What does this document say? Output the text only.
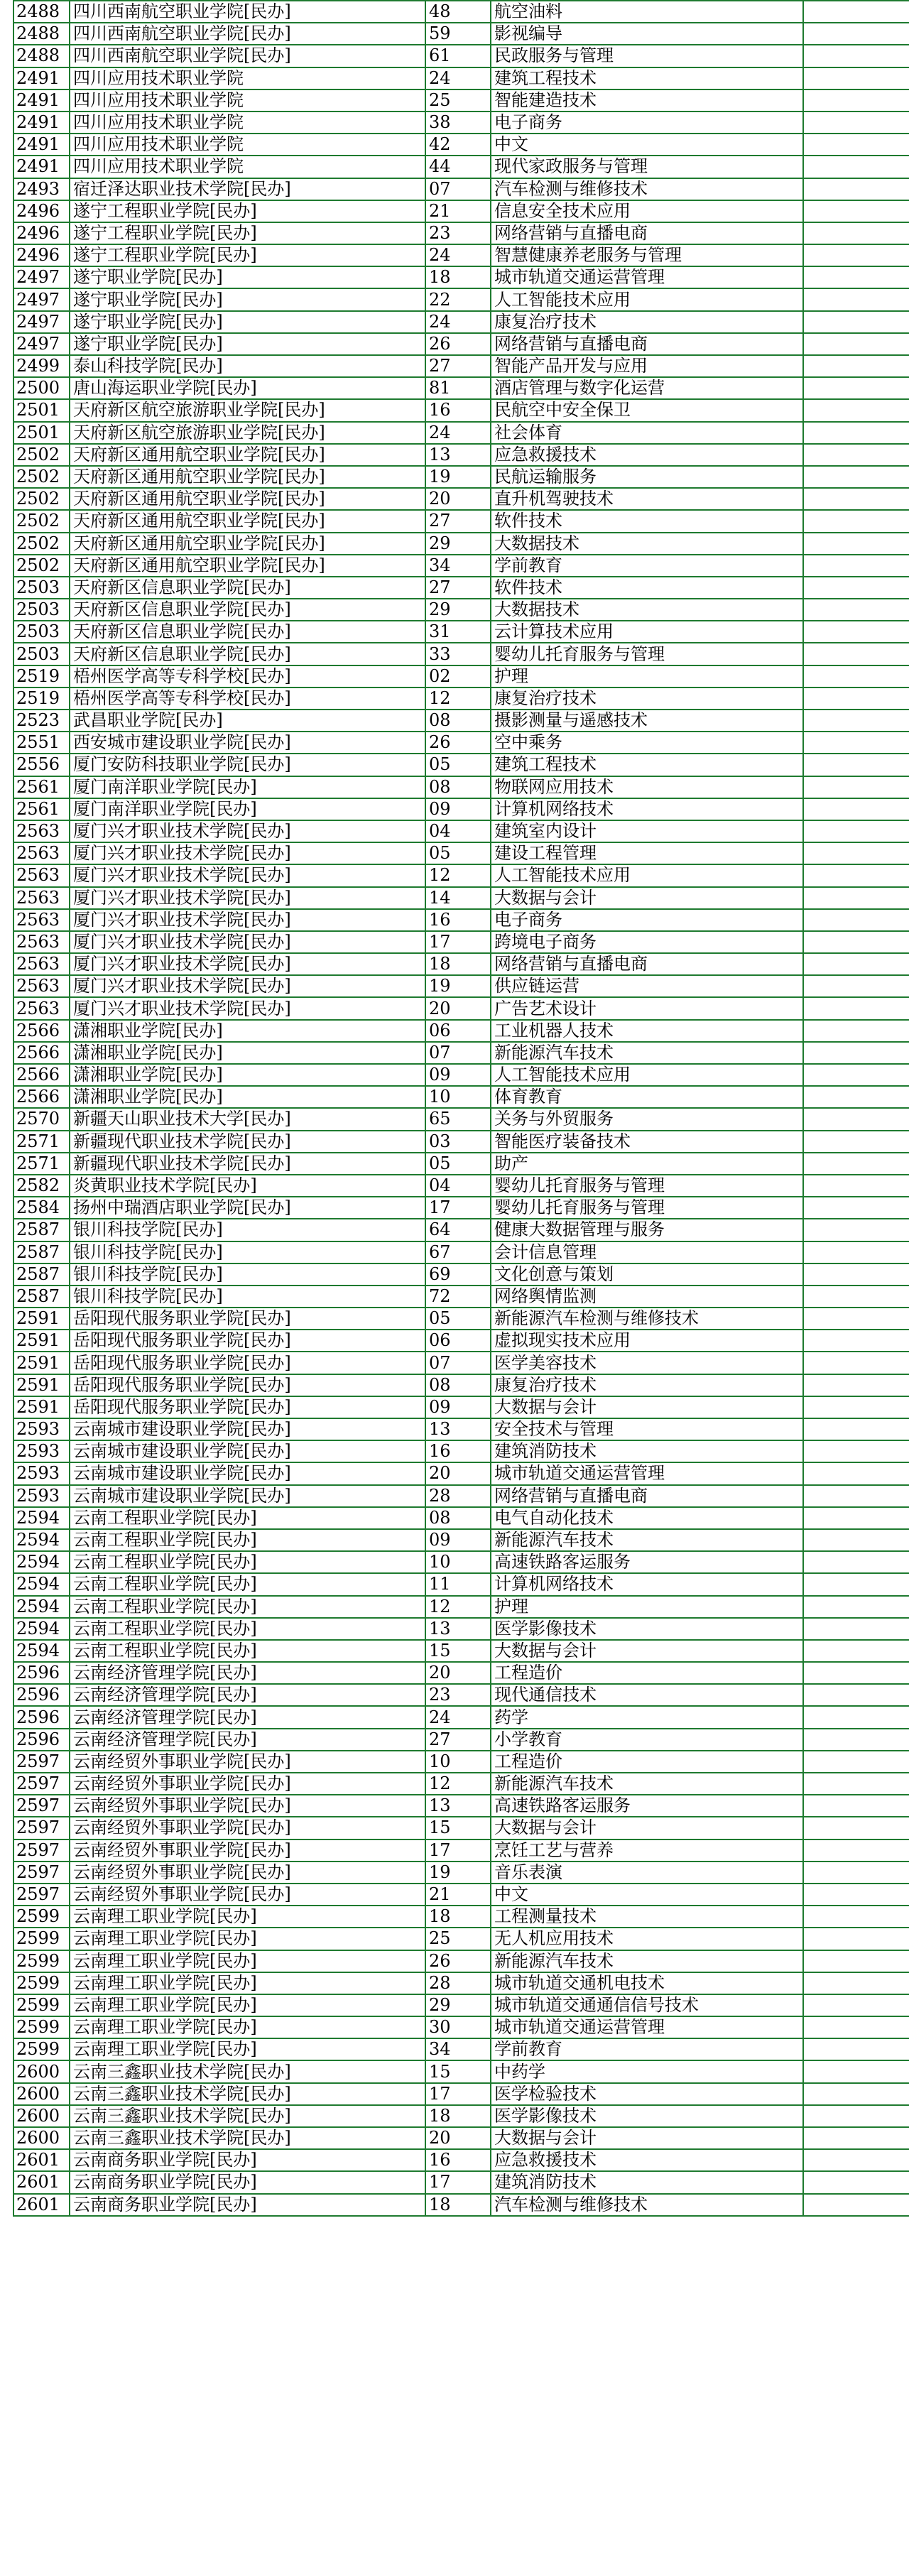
2488	四川西南航空职业学院[民办]	48	航空油料	
2488	四川西南航空职业学院[民办]	59	影视编导	
2488	四川西南航空职业学院[民办]	61	民政服务与管理	
2491	四川应用技术职业学院	24	建筑工程技术	
2491	四川应用技术职业学院	25	智能建造技术	
2491	四川应用技术职业学院	38	电子商务	
2491	四川应用技术职业学院	42	中文	
2491	四川应用技术职业学院	44	现代家政服务与管理	
2493	宿迁泽达职业技术学院[民办]	07	汽车检测与维修技术	
2496	遂宁工程职业学院[民办]	21	信息安全技术应用	
2496	遂宁工程职业学院[民办]	23	网络营销与直播电商	
2496	遂宁工程职业学院[民办]	24	智慧健康养老服务与管理	
2497	遂宁职业学院[民办]	18	城市轨道交通运营管理	
2497	遂宁职业学院[民办]	22	人工智能技术应用	
2497	遂宁职业学院[民办]	24	康复治疗技术	
2497	遂宁职业学院[民办]	26	网络营销与直播电商	
2499	泰山科技学院[民办]	27	智能产品开发与应用	
2500	唐山海运职业学院[民办]	81	酒店管理与数字化运营	
2501	天府新区航空旅游职业学院[民办]	16	民航空中安全保卫	
2501	天府新区航空旅游职业学院[民办]	24	社会体育	
2502	天府新区通用航空职业学院[民办]	13	应急救援技术	
2502	天府新区通用航空职业学院[民办]	19	民航运输服务	
2502	天府新区通用航空职业学院[民办]	20	直升机驾驶技术	
2502	天府新区通用航空职业学院[民办]	27	软件技术	
2502	天府新区通用航空职业学院[民办]	29	大数据技术	
2502	天府新区通用航空职业学院[民办]	34	学前教育	
2503	天府新区信息职业学院[民办]	27	软件技术	
2503	天府新区信息职业学院[民办]	29	大数据技术	
2503	天府新区信息职业学院[民办]	31	云计算技术应用	
2503	天府新区信息职业学院[民办]	33	婴幼儿托育服务与管理	
2519	梧州医学高等专科学校[民办]	02	护理	
2519	梧州医学高等专科学校[民办]	12	康复治疗技术	
2523	武昌职业学院[民办]	08	摄影测量与遥感技术	
2551	西安城市建设职业学院[民办]	26	空中乘务	
2556	厦门安防科技职业学院[民办]	05	建筑工程技术	
2561	厦门南洋职业学院[民办]	08	物联网应用技术	
2561	厦门南洋职业学院[民办]	09	计算机网络技术	
2563	厦门兴才职业技术学院[民办]	04	建筑室内设计	
2563	厦门兴才职业技术学院[民办]	05	建设工程管理	
2563	厦门兴才职业技术学院[民办]	12	人工智能技术应用	
2563	厦门兴才职业技术学院[民办]	14	大数据与会计	
2563	厦门兴才职业技术学院[民办]	16	电子商务	
2563	厦门兴才职业技术学院[民办]	17	跨境电子商务	
2563	厦门兴才职业技术学院[民办]	18	网络营销与直播电商	
2563	厦门兴才职业技术学院[民办]	19	供应链运营	
2563	厦门兴才职业技术学院[民办]	20	广告艺术设计	
2566	潇湘职业学院[民办]	06	工业机器人技术	
2566	潇湘职业学院[民办]	07	新能源汽车技术	
2566	潇湘职业学院[民办]	09	人工智能技术应用	
2566	潇湘职业学院[民办]	10	体育教育	
2570	新疆天山职业技术大学[民办]	65	关务与外贸服务	
2571	新疆现代职业技术学院[民办]	03	智能医疗装备技术	
2571	新疆现代职业技术学院[民办]	05	助产	
2582	炎黄职业技术学院[民办]	04	婴幼儿托育服务与管理	
2584	扬州中瑞酒店职业学院[民办]	17	婴幼儿托育服务与管理	
2587	银川科技学院[民办]	64	健康大数据管理与服务	
2587	银川科技学院[民办]	67	会计信息管理	
2587	银川科技学院[民办]	69	文化创意与策划	
2587	银川科技学院[民办]	72	网络舆情监测	
2591	岳阳现代服务职业学院[民办]	05	新能源汽车检测与维修技术	
2591	岳阳现代服务职业学院[民办]	06	虚拟现实技术应用	
2591	岳阳现代服务职业学院[民办]	07	医学美容技术	
2591	岳阳现代服务职业学院[民办]	08	康复治疗技术	
2591	岳阳现代服务职业学院[民办]	09	大数据与会计	
2593	云南城市建设职业学院[民办]	13	安全技术与管理	
2593	云南城市建设职业学院[民办]	16	建筑消防技术	
2593	云南城市建设职业学院[民办]	20	城市轨道交通运营管理	
2593	云南城市建设职业学院[民办]	28	网络营销与直播电商	
2594	云南工程职业学院[民办]	08	电气自动化技术	
2594	云南工程职业学院[民办]	09	新能源汽车技术	
2594	云南工程职业学院[民办]	10	高速铁路客运服务	
2594	云南工程职业学院[民办]	11	计算机网络技术	
2594	云南工程职业学院[民办]	12	护理	
2594	云南工程职业学院[民办]	13	医学影像技术	
2594	云南工程职业学院[民办]	15	大数据与会计	
2596	云南经济管理学院[民办]	20	工程造价	
2596	云南经济管理学院[民办]	23	现代通信技术	
2596	云南经济管理学院[民办]	24	药学	
2596	云南经济管理学院[民办]	27	小学教育	
2597	云南经贸外事职业学院[民办]	10	工程造价	
2597	云南经贸外事职业学院[民办]	12	新能源汽车技术	
2597	云南经贸外事职业学院[民办]	13	高速铁路客运服务	
2597	云南经贸外事职业学院[民办]	15	大数据与会计	
2597	云南经贸外事职业学院[民办]	17	烹饪工艺与营养	
2597	云南经贸外事职业学院[民办]	19	音乐表演	
2597	云南经贸外事职业学院[民办]	21	中文	
2599	云南理工职业学院[民办]	18	工程测量技术	
2599	云南理工职业学院[民办]	25	无人机应用技术	
2599	云南理工职业学院[民办]	26	新能源汽车技术	
2599	云南理工职业学院[民办]	28	城市轨道交通机电技术	
2599	云南理工职业学院[民办]	29	城市轨道交通通信信号技术	
2599	云南理工职业学院[民办]	30	城市轨道交通运营管理	
2599	云南理工职业学院[民办]	34	学前教育	
2600	云南三鑫职业技术学院[民办]	15	中药学	
2600	云南三鑫职业技术学院[民办]	17	医学检验技术	
2600	云南三鑫职业技术学院[民办]	18	医学影像技术	
2600	云南三鑫职业技术学院[民办]	20	大数据与会计	
2601	云南商务职业学院[民办]	16	应急救援技术	
2601	云南商务职业学院[民办]	17	建筑消防技术	
2601	云南商务职业学院[民办]	18	汽车检测与维修技术	
